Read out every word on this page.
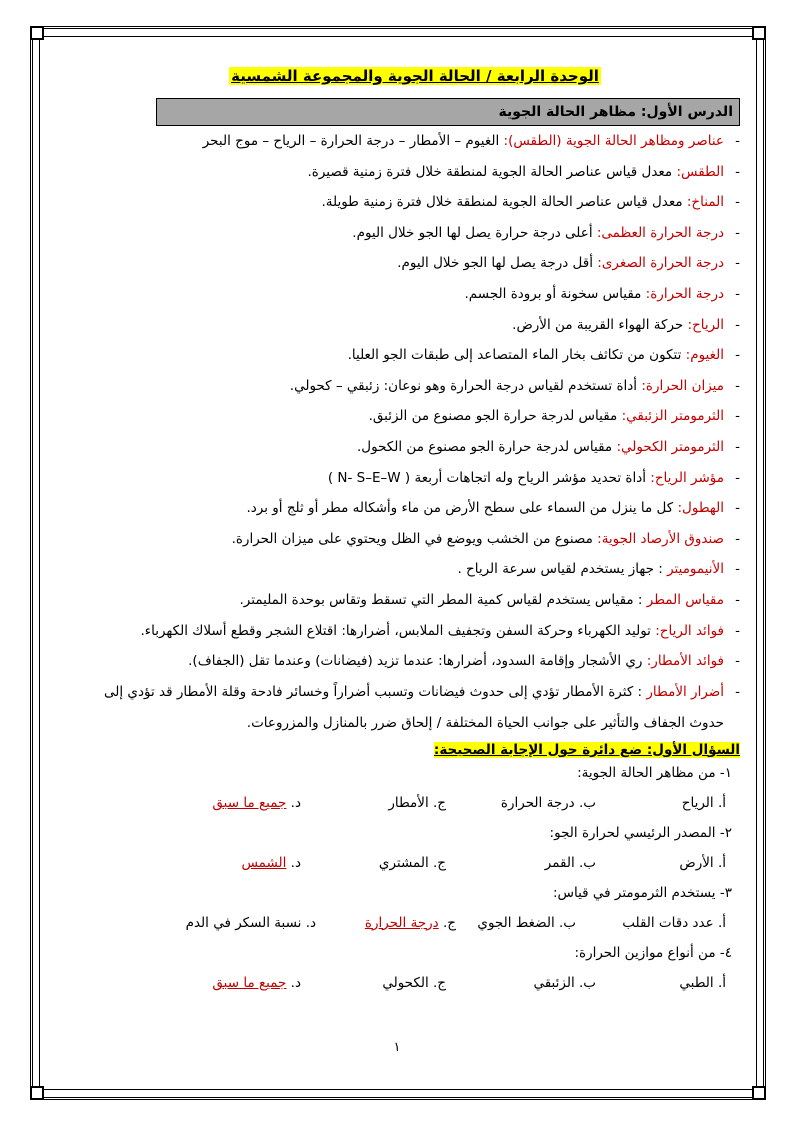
الوحدة الرابعة / الحالة الجوية والمجموعة الشمسية
الدرس الأول: مظاهر الحالة الجوية
- عناصر ومظاهر الحالة الجوية (الطقس): الغيوم – الأمطار – درجة الحرارة – الرياح – موج البحر
- الطقس: معدل قياس عناصر الحالة الجوية لمنطقة خلال فترة زمنية قصيرة.
- المناخ: معدل قياس عناصر الحالة الجوية لمنطقة خلال فترة زمنية طويلة.
- درجة الحرارة العظمى: أعلى درجة حرارة يصل لها الجو خلال اليوم.
- درجة الحرارة الصغرى: أقل درجة يصل لها الجو خلال اليوم.
- درجة الحرارة: مقياس سخونة أو برودة الجسم.
- الرياح: حركة الهواء القريبة من الأرض.
- الغيوم: تتكون من تكاثف بخار الماء المتصاعد إلى طبقات الجو العليا.
- ميزان الحرارة: أداة تستخدم لقياس درجة الحرارة وهو نوعان: زئبقي – كحولي.
- الثرمومتر الزئبقي: مقياس لدرجة حرارة الجو مصنوع من الزئبق.
- الثرمومتر الكحولي: مقياس لدرجة حرارة الجو مصنوع من الكحول.
- مؤشر الرياح: أداة تحديد مؤشر الرياح وله اتجاهات أربعة ( N- S–E–W )
- الهطول: كل ما ينزل من السماء على سطح الأرض من ماء وأشكاله مطر أو ثلج أو برد.
- صندوق الأرصاد الجوية: مصنوع من الخشب ويوضع في الظل ويحتوي على ميزان الحرارة.
- الأنيموميتر : جهاز يستخدم لقياس سرعة الرياح .
- مقياس المطر : مقياس يستخدم لقياس كمية المطر التي تسقط وتقاس بوحدة المليمتر.
- فوائد الرياح: توليد الكهرباء وحركة السفن وتجفيف الملابس، أضرارها: اقتلاع الشجر وقطع أسلاك الكهرباء.
- فوائد الأمطار: ري الأشجار وإقامة السدود، أضرارها: عندما تزيد (فيضانات) وعندما تقل (الجفاف).
- أضرار الأمطار : كثرة الأمطار تؤدي إلى حدوث فيضانات وتسبب أضراراً وخسائر فادحة وقلة الأمطار قد تؤدي إلى حدوث الجفاف والتأثير على جوانب الحياة المختلفة / إلحاق ضرر بالمنازل والمزروعات.
السؤال الأول: ضع دائرة حول الإجابة الصحيحة:
١- من مظاهر الحالة الجوية:
أ. الرياح
ب. درجة الحرارة
ج. الأمطار
د. جميع ما سبق
٢- المصدر الرئيسي لحرارة الجو:
أ. الأرض
ب. القمر
ج. المشتري
د. الشمس
٣- يستخدم الثرمومتر في قياس:
أ. عدد دقات القلب
ب. الضغط الجوي
ج. درجة الحرارة
د. نسبة السكر في الدم
٤- من أنواع موازين الحرارة:
أ. الطبي
ب. الزئبقي
ج. الكحولي
د. جميع ما سبق
١
